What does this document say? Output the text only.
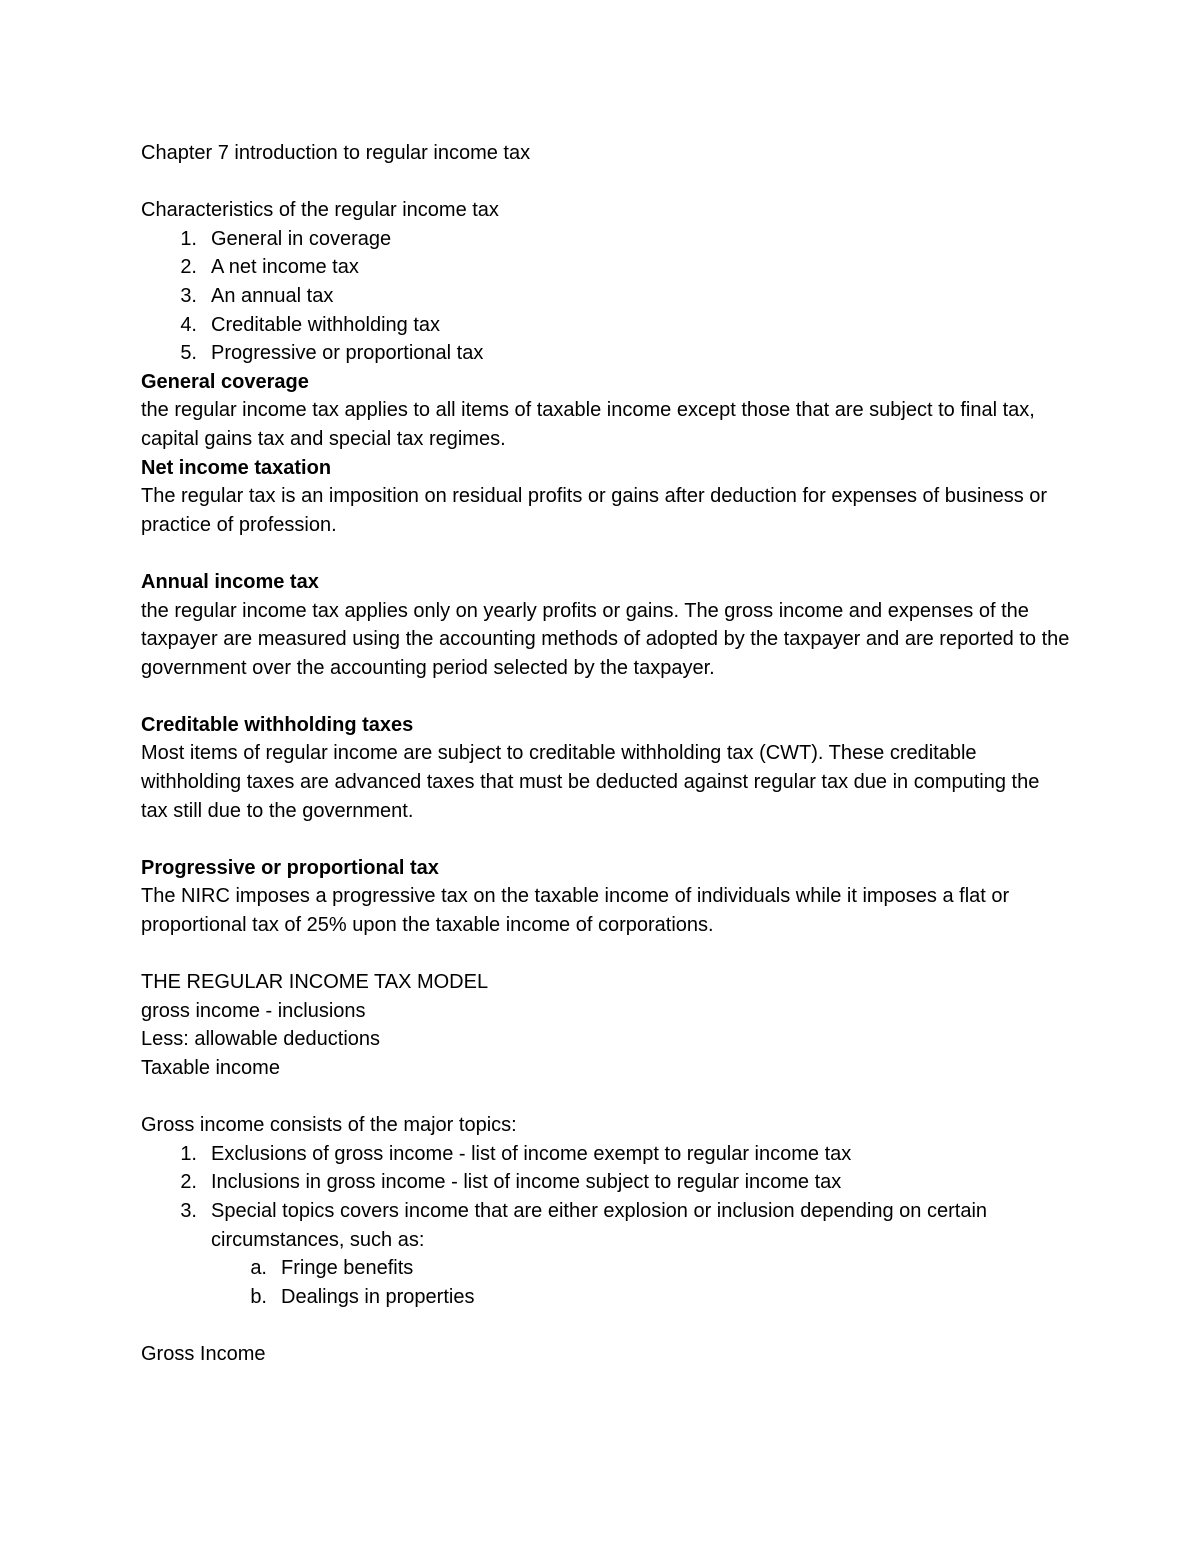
Chapter 7 introduction to regular income tax
Characteristics of the regular income tax
1. General in coverage
2. A net income tax
3. An annual tax
4. Creditable withholding tax
5. Progressive or proportional tax
General coverage
the regular income tax applies to all items of taxable income except those that are subject to final tax, capital gains tax and special tax regimes.
Net income taxation
The regular tax is an imposition on residual profits or gains after deduction for expenses of business or practice of profession.
Annual income tax
the regular income tax applies only on yearly profits or gains. The gross income and expenses of the taxpayer are measured using the accounting methods of adopted by the taxpayer and are reported to the government over the accounting period selected by the taxpayer.
Creditable withholding taxes
Most items of regular income are subject to creditable withholding tax (CWT). These creditable withholding taxes are advanced taxes that must be deducted against regular tax due in computing the tax still due to the government.
Progressive or proportional tax
The NIRC imposes a progressive tax on the taxable income of individuals while it imposes a flat or proportional tax of 25% upon the taxable income of corporations.
THE REGULAR INCOME TAX MODEL
gross income - inclusions
Less: allowable deductions
Taxable income
Gross income consists of the major topics:
1. Exclusions of gross income - list of income exempt to regular income tax
2. Inclusions in gross income - list of income subject to regular income tax
3. Special topics covers income that are either explosion or inclusion depending on certain circumstances, such as:
a. Fringe benefits
b. Dealings in properties
Gross Income
